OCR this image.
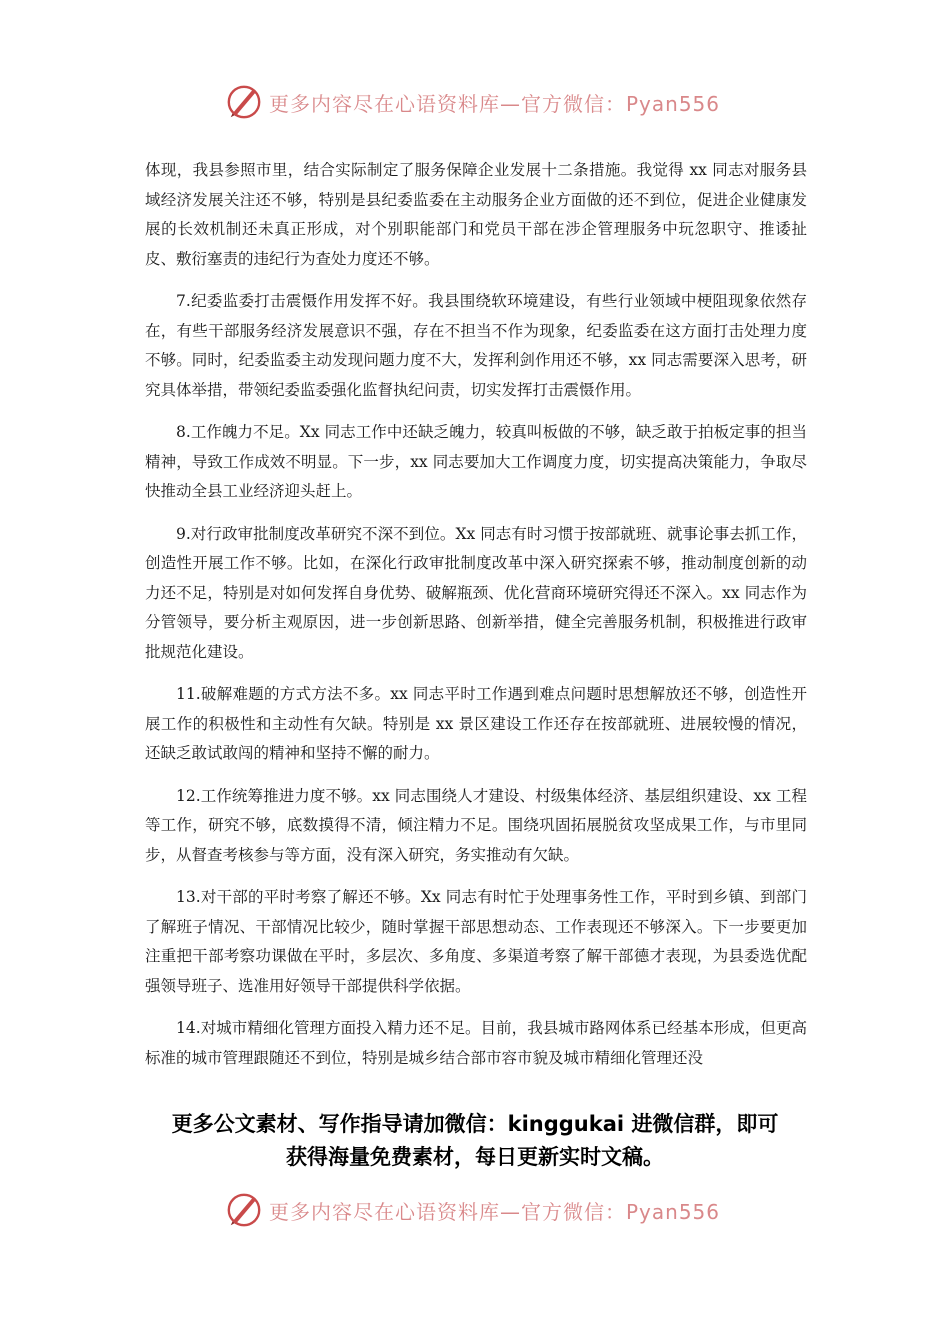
更多内容尽在心语资料库—官方微信：Pyan556

体现，我县参照市里，结合实际制定了服务保障企业发展十二条措施。我觉得 xx 同志对服务县域经济发展关注还不够，特别是县纪委监委在主动服务企业方面做的还不到位，促进企业健康发展的长效机制还未真正形成，对个别职能部门和党员干部在涉企管理服务中玩忽职守、推诿扯皮、敷衍塞责的违纪行为查处力度还不够。

7.纪委监委打击震慑作用发挥不好。我县围绕软环境建设，有些行业领域中梗阻现象依然存在，有些干部服务经济发展意识不强，存在不担当不作为现象，纪委监委在这方面打击处理力度不够。同时，纪委监委主动发现问题力度不大，发挥利剑作用还不够，xx 同志需要深入思考，研究具体举措，带领纪委监委强化监督执纪问责，切实发挥打击震慑作用。

8.工作魄力不足。Xx 同志工作中还缺乏魄力，较真叫板做的不够，缺乏敢于拍板定事的担当精神，导致工作成效不明显。下一步，xx 同志要加大工作调度力度，切实提高决策能力，争取尽快推动全县工业经济迎头赶上。

9.对行政审批制度改革研究不深不到位。Xx 同志有时习惯于按部就班、就事论事去抓工作，创造性开展工作不够。比如，在深化行政审批制度改革中深入研究探索不够，推动制度创新的动力还不足，特别是对如何发挥自身优势、破解瓶颈、优化营商环境研究得还不深入。xx 同志作为分管领导，要分析主观原因，进一步创新思路、创新举措，健全完善服务机制，积极推进行政审批规范化建设。

11.破解难题的方式方法不多。xx 同志平时工作遇到难点问题时思想解放还不够，创造性开展工作的积极性和主动性有欠缺。特别是 xx 景区建设工作还存在按部就班、进展较慢的情况，还缺乏敢试敢闯的精神和坚持不懈的耐力。

12.工作统筹推进力度不够。xx 同志围绕人才建设、村级集体经济、基层组织建设、xx 工程等工作，研究不够，底数摸得不清，倾注精力不足。围绕巩固拓展脱贫攻坚成果工作，与市里同步，从督查考核参与等方面，没有深入研究，务实推动有欠缺。

13.对干部的平时考察了解还不够。Xx 同志有时忙于处理事务性工作，平时到乡镇、到部门了解班子情况、干部情况比较少，随时掌握干部思想动态、工作表现还不够深入。下一步要更加注重把干部考察功课做在平时，多层次、多角度、多渠道考察了解干部德才表现，为县委选优配强领导班子、选准用好领导干部提供科学依据。

14.对城市精细化管理方面投入精力还不足。目前，我县城市路网体系已经基本形成，但更高标准的城市管理跟随还不到位，特别是城乡结合部市容市貌及城市精细化管理还没

更多公文素材、写作指导请加微信：kinggukai 进微信群，即可
获得海量免费素材，每日更新实时文稿。
更多内容尽在心语资料库—官方微信：Pyan556
